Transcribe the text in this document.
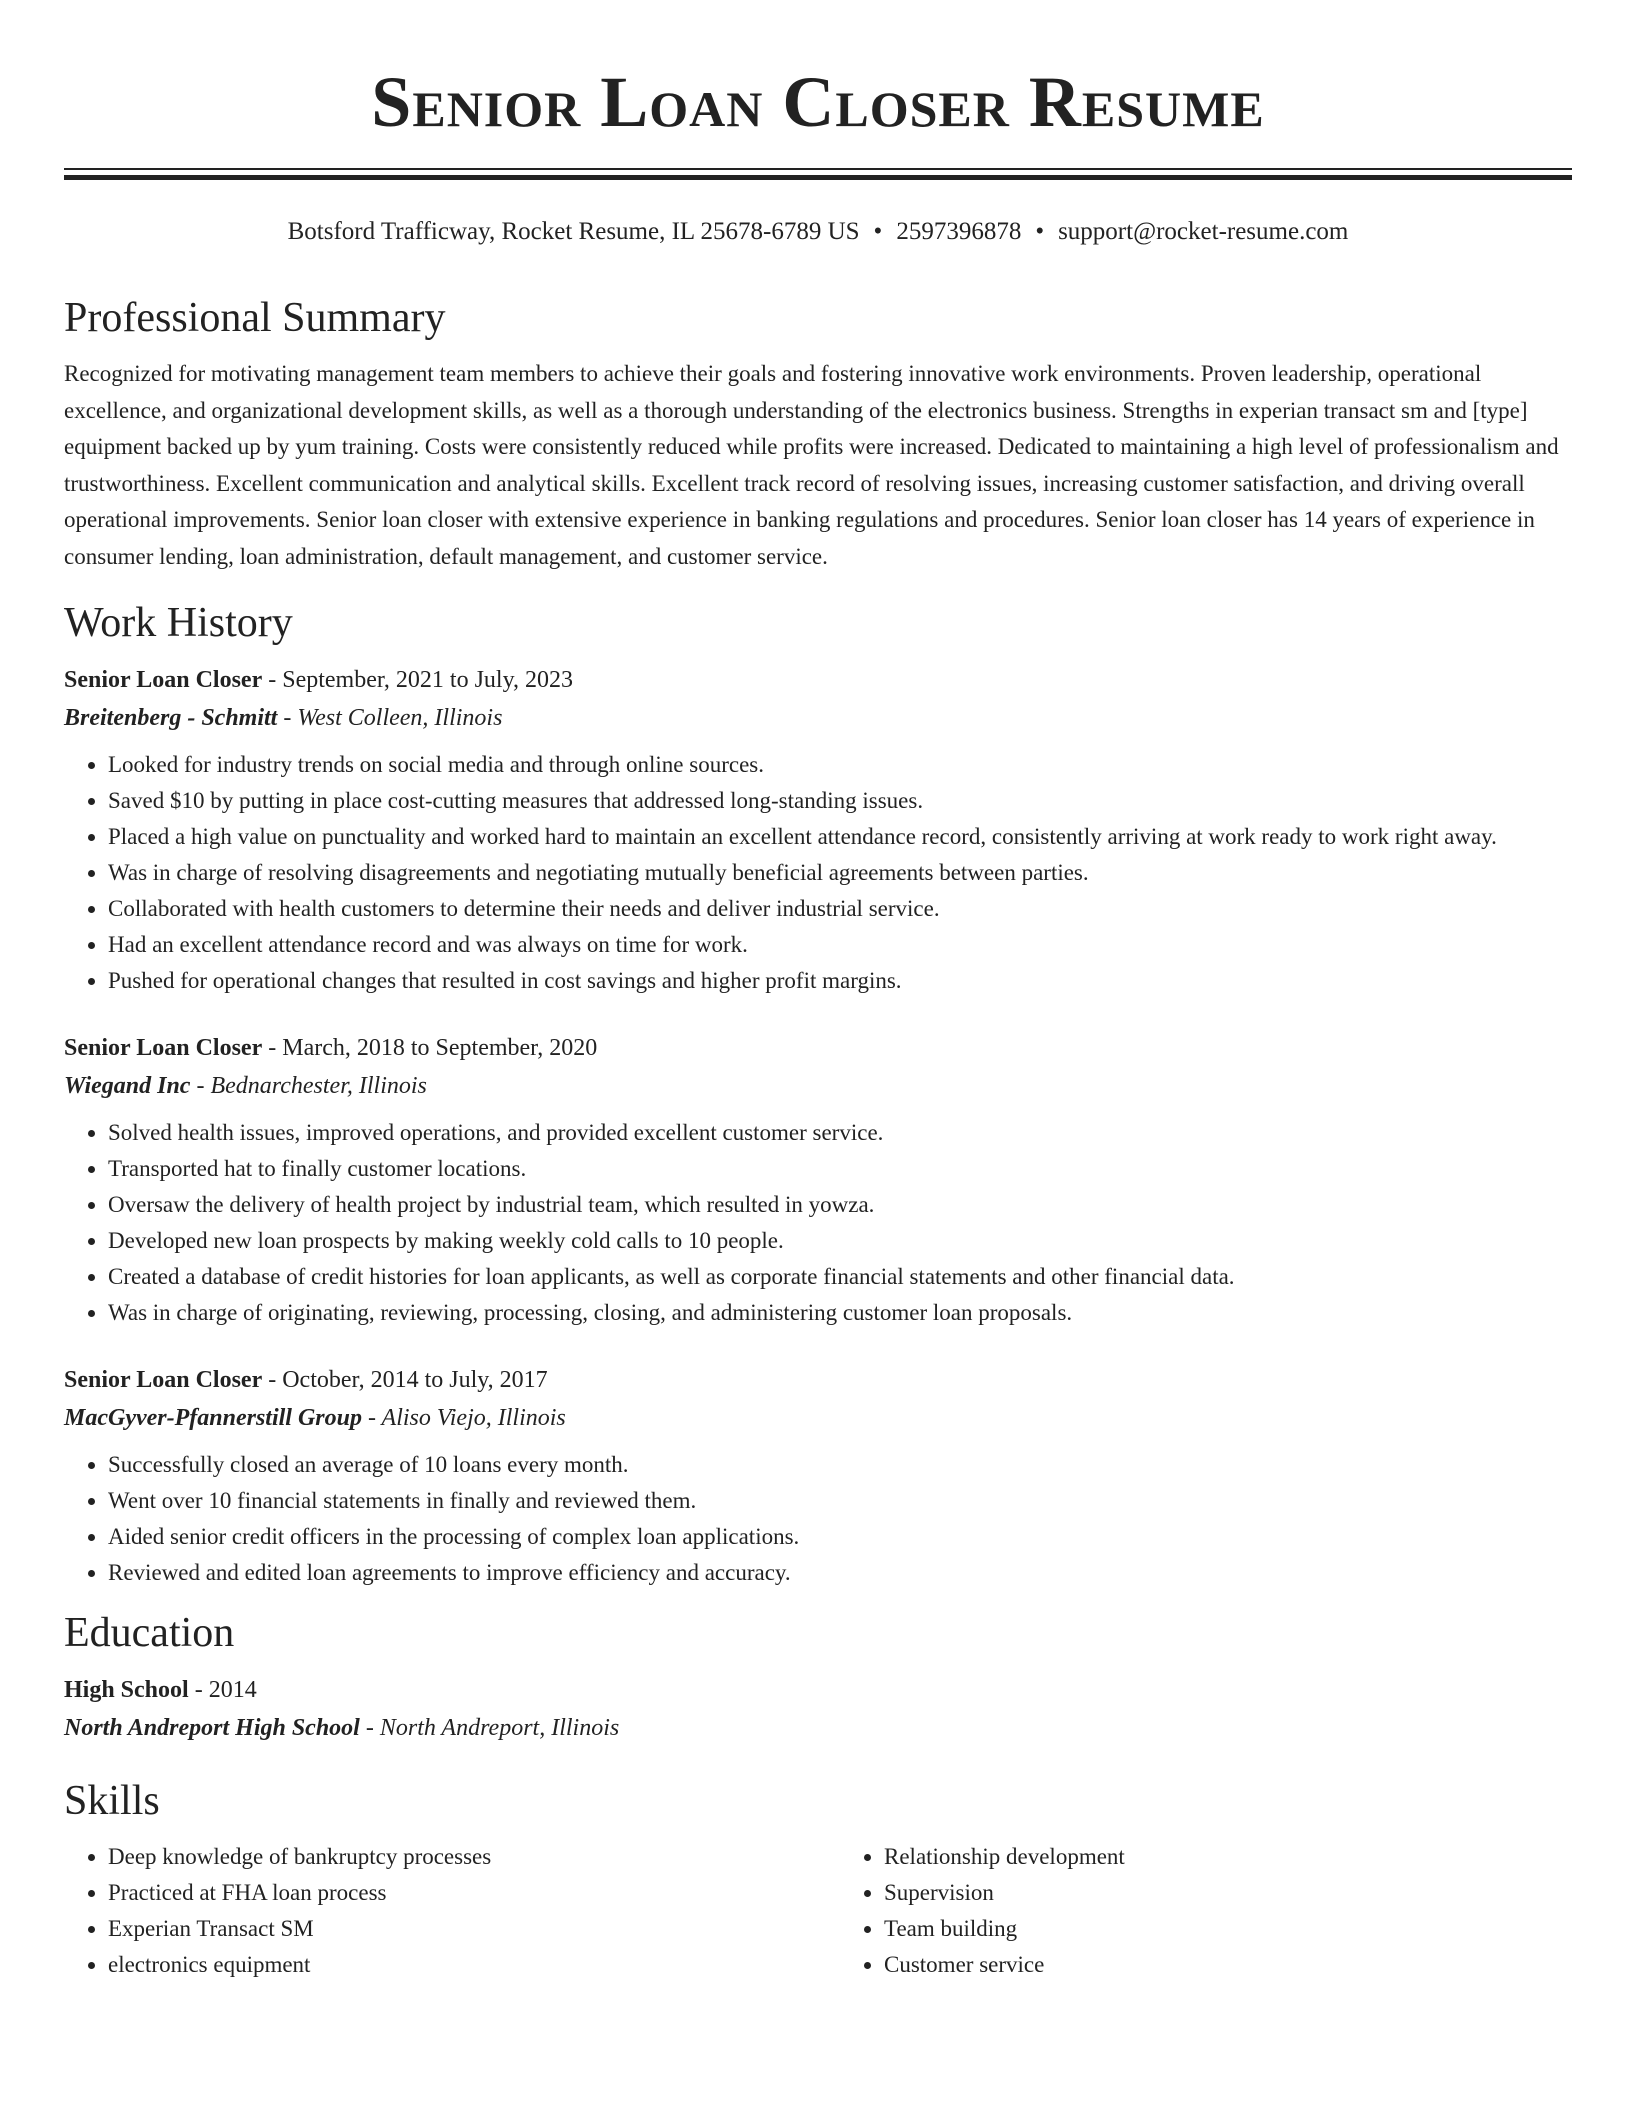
Senior Loan Closer Resume
Botsford Trafficway, Rocket Resume, IL 25678-6789 US • 2597396878 • support@rocket-resume.com
Professional Summary

Recognized for motivating management team members to achieve their goals and fostering innovative work environments. Proven leadership, operational excellence, and organizational development skills, as well as a thorough understanding of the electronics business. Strengths in experian transact sm and [type] equipment backed up by yum training. Costs were consistently reduced while profits were increased. Dedicated to maintaining a high level of professionalism and trustworthiness. Excellent communication and analytical skills. Excellent track record of resolving issues, increasing customer satisfaction, and driving overall operational improvements. Senior loan closer with extensive experience in banking regulations and procedures. Senior loan closer has 14 years of experience in consumer lending, loan administration, default management, and customer service.

Work History
Senior Loan Closer - September, 2021 to July, 2023
Breitenberg - Schmitt - West Colleen, Illinois
• Looked for industry trends on social media and through online sources.
• Saved $10 by putting in place cost-cutting measures that addressed long-standing issues.
• Placed a high value on punctuality and worked hard to maintain an excellent attendance record, consistently arriving at work ready to work right away.
• Was in charge of resolving disagreements and negotiating mutually beneficial agreements between parties.
• Collaborated with health customers to determine their needs and deliver industrial service.
• Had an excellent attendance record and was always on time for work.
• Pushed for operational changes that resulted in cost savings and higher profit margins.
Senior Loan Closer - March, 2018 to September, 2020
Wiegand Inc - Bednarchester, Illinois
• Solved health issues, improved operations, and provided excellent customer service.
• Transported hat to finally customer locations.
• Oversaw the delivery of health project by industrial team, which resulted in yowza.
• Developed new loan prospects by making weekly cold calls to 10 people.
• Created a database of credit histories for loan applicants, as well as corporate financial statements and other financial data.
• Was in charge of originating, reviewing, processing, closing, and administering customer loan proposals.
Senior Loan Closer - October, 2014 to July, 2017
MacGyver-Pfannerstill Group - Aliso Viejo, Illinois
• Successfully closed an average of 10 loans every month.
• Went over 10 financial statements in finally and reviewed them.
• Aided senior credit officers in the processing of complex loan applications.
• Reviewed and edited loan agreements to improve efficiency and accuracy.
Education
High School - 2014
North Andreport High School - North Andreport, Illinois
Skills
• Deep knowledge of bankruptcy processes
• Practiced at FHA loan process
• Experian Transact SM
• electronics equipment
• Relationship development
• Supervision
• Team building
• Customer service
